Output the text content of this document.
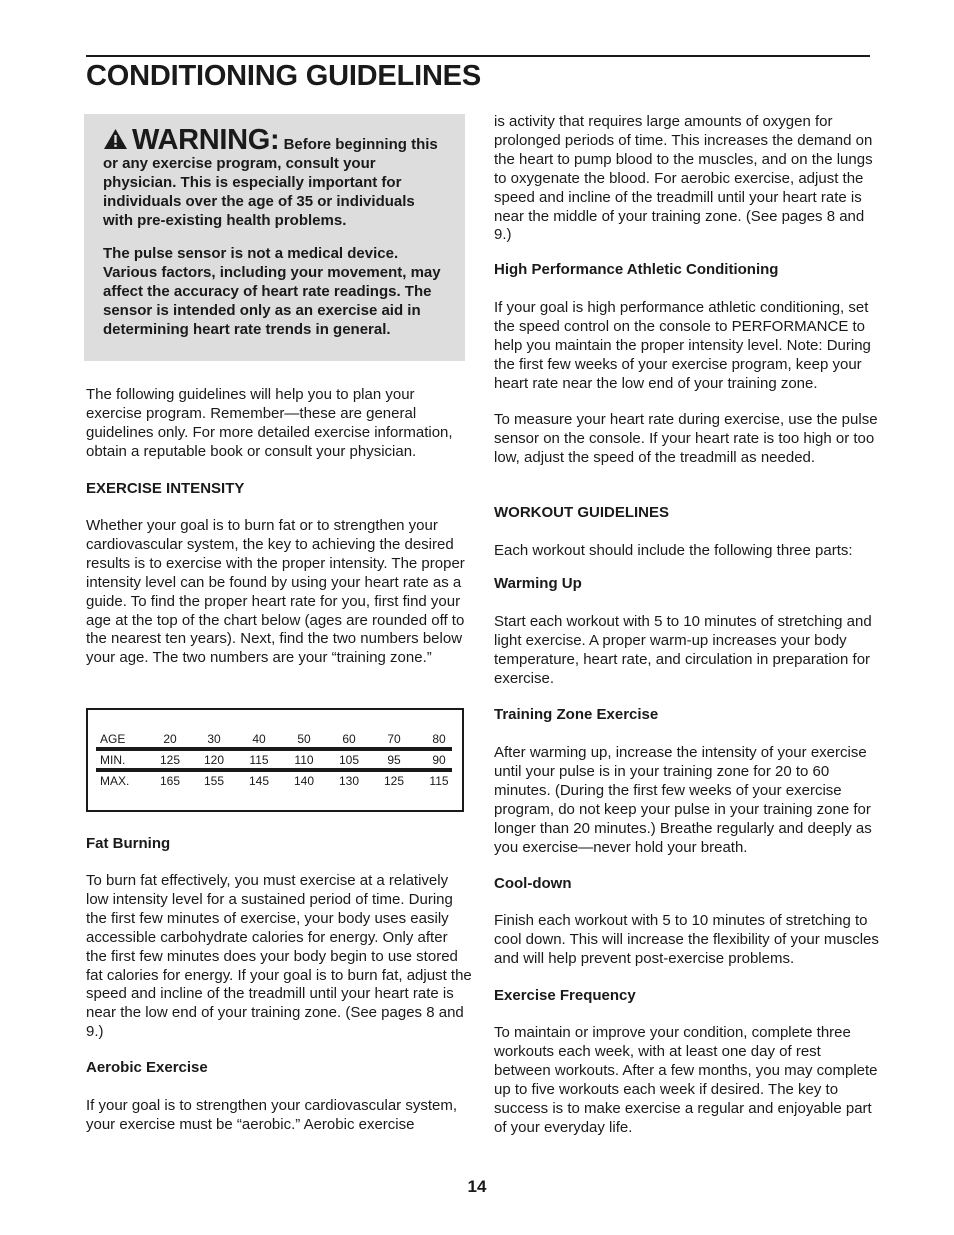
CONDITIONING GUIDELINES

WARNING: Before beginning this or any exercise program, consult your physician. This is especially important for individuals over the age of 35 or individuals with pre-existing health problems.

The pulse sensor is not a medical device. Various factors, including your movement, may affect the accuracy of heart rate readings. The sensor is intended only as an exercise aid in determining heart rate trends in general.

The following guidelines will help you to plan your exercise program. Remember—these are general guidelines only. For more detailed exercise information, obtain a reputable book or consult your physician.

EXERCISE INTENSITY

Whether your goal is to burn fat or to strengthen your cardiovascular system, the key to achieving the desired results is to exercise with the proper intensity. The proper intensity level can be found by using your heart rate as a guide. To find the proper heart rate for you, first find your age at the top of the chart below (ages are rounded off to the nearest ten years). Next, find the two numbers below your age. The two numbers are your “training zone.”

Fat Burning

To burn fat effectively, you must exercise at a relatively low intensity level for a sustained period of time. During the first few minutes of exercise, your body uses easily accessible carbohydrate calories for energy. Only after the first few minutes does your body begin to use stored fat calories for energy. If your goal is to burn fat, adjust the speed and incline of the treadmill until your heart rate is near the low end of your training zone. (See pages 8 and 9.)

Aerobic Exercise

If your goal is to strengthen your cardiovascular system, your exercise must be “aerobic.” Aerobic exercise

AGE	20	30	40	50	60	70	80
MIN.	125 120 115 110 105 95	90
MAX.	165 155 145 140 130 125 115

is activity that requires large amounts of oxygen for prolonged periods of time. This increases the demand on the heart to pump blood to the muscles, and on the lungs to oxygenate the blood. For aerobic exercise, adjust the speed and incline of the treadmill until your heart rate is near the middle of your training zone. (See pages 8 and 9.)

High Performance Athletic Conditioning

If your goal is high performance athletic conditioning, set the speed control on the console to PERFORMANCE to help you maintain the proper intensity level. Note: During the first few weeks of your exercise program, keep your heart rate near the low end of your training zone.

To measure your heart rate during exercise, use the pulse sensor on the console. If your heart rate is too high or too low, adjust the speed of the treadmill as needed.

WORKOUT GUIDELINES

Each workout should include the following three parts:

Warming Up

Start each workout with 5 to 10 minutes of stretching and light exercise. A proper warm-up increases your body temperature, heart rate, and circulation in preparation for exercise.

Training Zone Exercise

After warming up, increase the intensity of your exercise until your pulse is in your training zone for 20 to 60 minutes. (During the first few weeks of your exercise program, do not keep your pulse in your training zone for longer than 20 minutes.) Breathe regularly and deeply as you exercise—never hold your breath.

Cool-down

Finish each workout with 5 to 10 minutes of stretching to cool down. This will increase the flexibility of your muscles and will help prevent post-exercise problems.

Exercise Frequency

To maintain or improve your condition, complete three workouts each week, with at least one day of rest between workouts. After a few months, you may complete up to five workouts each week if desired. The key to success is to make exercise a regular and enjoyable part of your everyday life.

14
